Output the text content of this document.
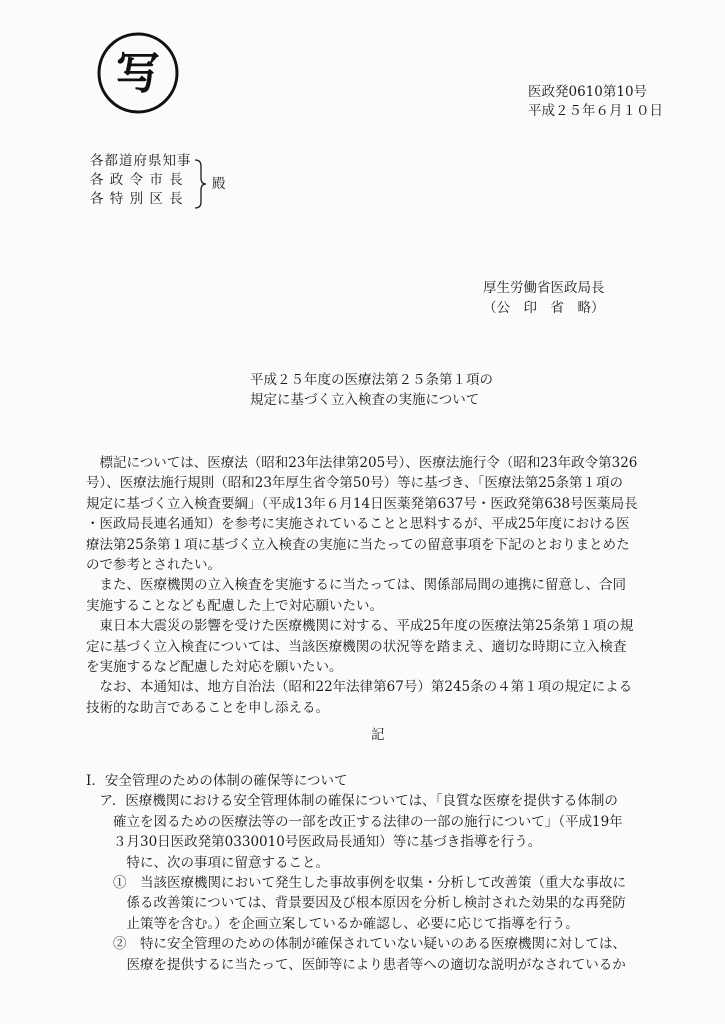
写	医政発0610第10号
平成２５年６月１０日
各都道府県知事
各 政 令 市 長
各 特 別 区 長
殿
厚生労働省医政局長
（公　印　省　略）
平成２５年度の医療法第２５条第１項の
規定に基づく立入検査の実施について
　標記については、医療法（昭和23年法律第205号）、医療法施行令（昭和23年政令第326
号）、医療法施行規則（昭和23年厚生省令第50号）等に基づき、「医療法第25条第１項の
規定に基づく立入検査要綱」（平成13年６月14日医薬発第637号・医政発第638号医薬局長
・医政局長連名通知）を参考に実施されていることと思料するが、平成25年度における医
療法第25条第１項に基づく立入検査の実施に当たっての留意事項を下記のとおりまとめた
ので参考とされたい。
　また、医療機関の立入検査を実施するに当たっては、関係部局間の連携に留意し、合同
実施することなども配慮した上で対応願いたい。
　東日本大震災の影響を受けた医療機関に対する、平成25年度の医療法第25条第１項の規
定に基づく立入検査については、当該医療機関の状況等を踏まえ、適切な時期に立入検査
を実施するなど配慮した対応を願いたい。
　なお、本通知は、地方自治法（昭和22年法律第67号）第245条の４第１項の規定による
技術的な助言であることを申し添える。
記
Ⅰ．安全管理のための体制の確保等について
　ア．医療機関における安全管理体制の確保については、「良質な医療を提供する体制の
　　確立を図るための医療法等の一部を改正する法律の一部の施行について」（平成19年
　　３月30日医政発第0330010号医政局長通知）等に基づき指導を行う。
　　　特に、次の事項に留意すること。
　　①　当該医療機関において発生した事故事例を収集・分析して改善策（重大な事故に
　　　係る改善策については、背景要因及び根本原因を分析し検討された効果的な再発防
　　　止策等を含む。）を企画立案しているか確認し、必要に応じて指導を行う。
　　②　特に安全管理のための体制が確保されていない疑いのある医療機関に対しては、
　　　医療を提供するに当たって、医師等により患者等への適切な説明がなされているか
